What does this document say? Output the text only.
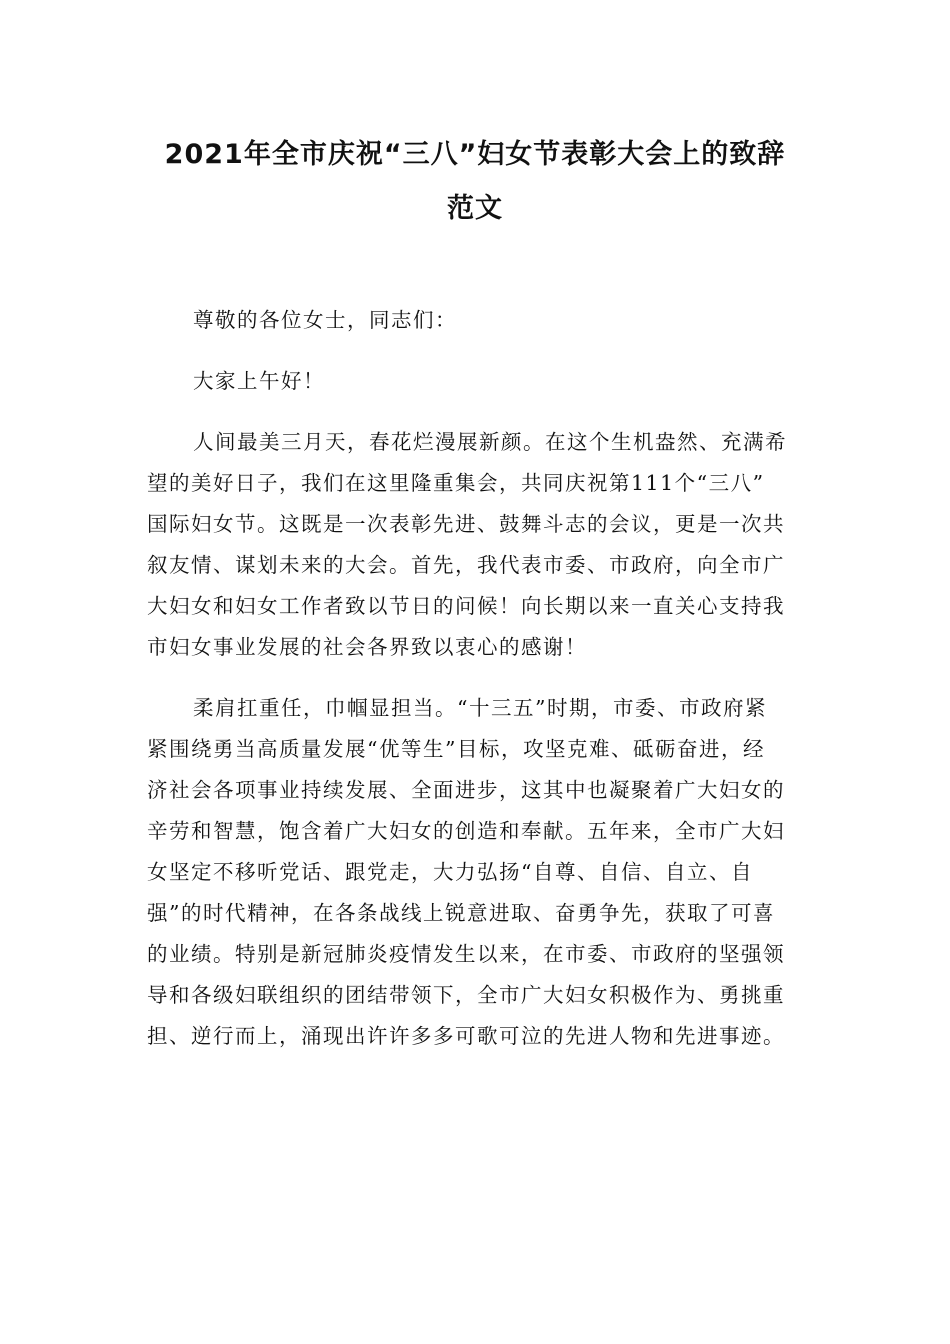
2021年全市庆祝“三八”妇女节表彰大会上的致辞
范文
尊敬的各位女士，同志们：
大家上午好！
人间最美三月天，春花烂漫展新颜。在这个生机盎然、充满希
望的美好日子，我们在这里隆重集会，共同庆祝第111个“三八”
国际妇女节。这既是一次表彰先进、鼓舞斗志的会议，更是一次共
叙友情、谋划未来的大会。首先，我代表市委、市政府，向全市广
大妇女和妇女工作者致以节日的问候！向长期以来一直关心支持我
市妇女事业发展的社会各界致以衷心的感谢！
柔肩扛重任，巾帼显担当。“十三五”时期，市委、市政府紧
紧围绕勇当高质量发展“优等生”目标，攻坚克难、砥砺奋进，经
济社会各项事业持续发展、全面进步，这其中也凝聚着广大妇女的
辛劳和智慧，饱含着广大妇女的创造和奉献。五年来，全市广大妇
女坚定不移听党话、跟党走，大力弘扬“自尊、自信、自立、自
强”的时代精神，在各条战线上锐意进取、奋勇争先，获取了可喜
的业绩。特别是新冠肺炎疫情发生以来，在市委、市政府的坚强领
导和各级妇联组织的团结带领下，全市广大妇女积极作为、勇挑重
担、逆行而上，涌现出许许多多可歌可泣的先进人物和先进事迹。
